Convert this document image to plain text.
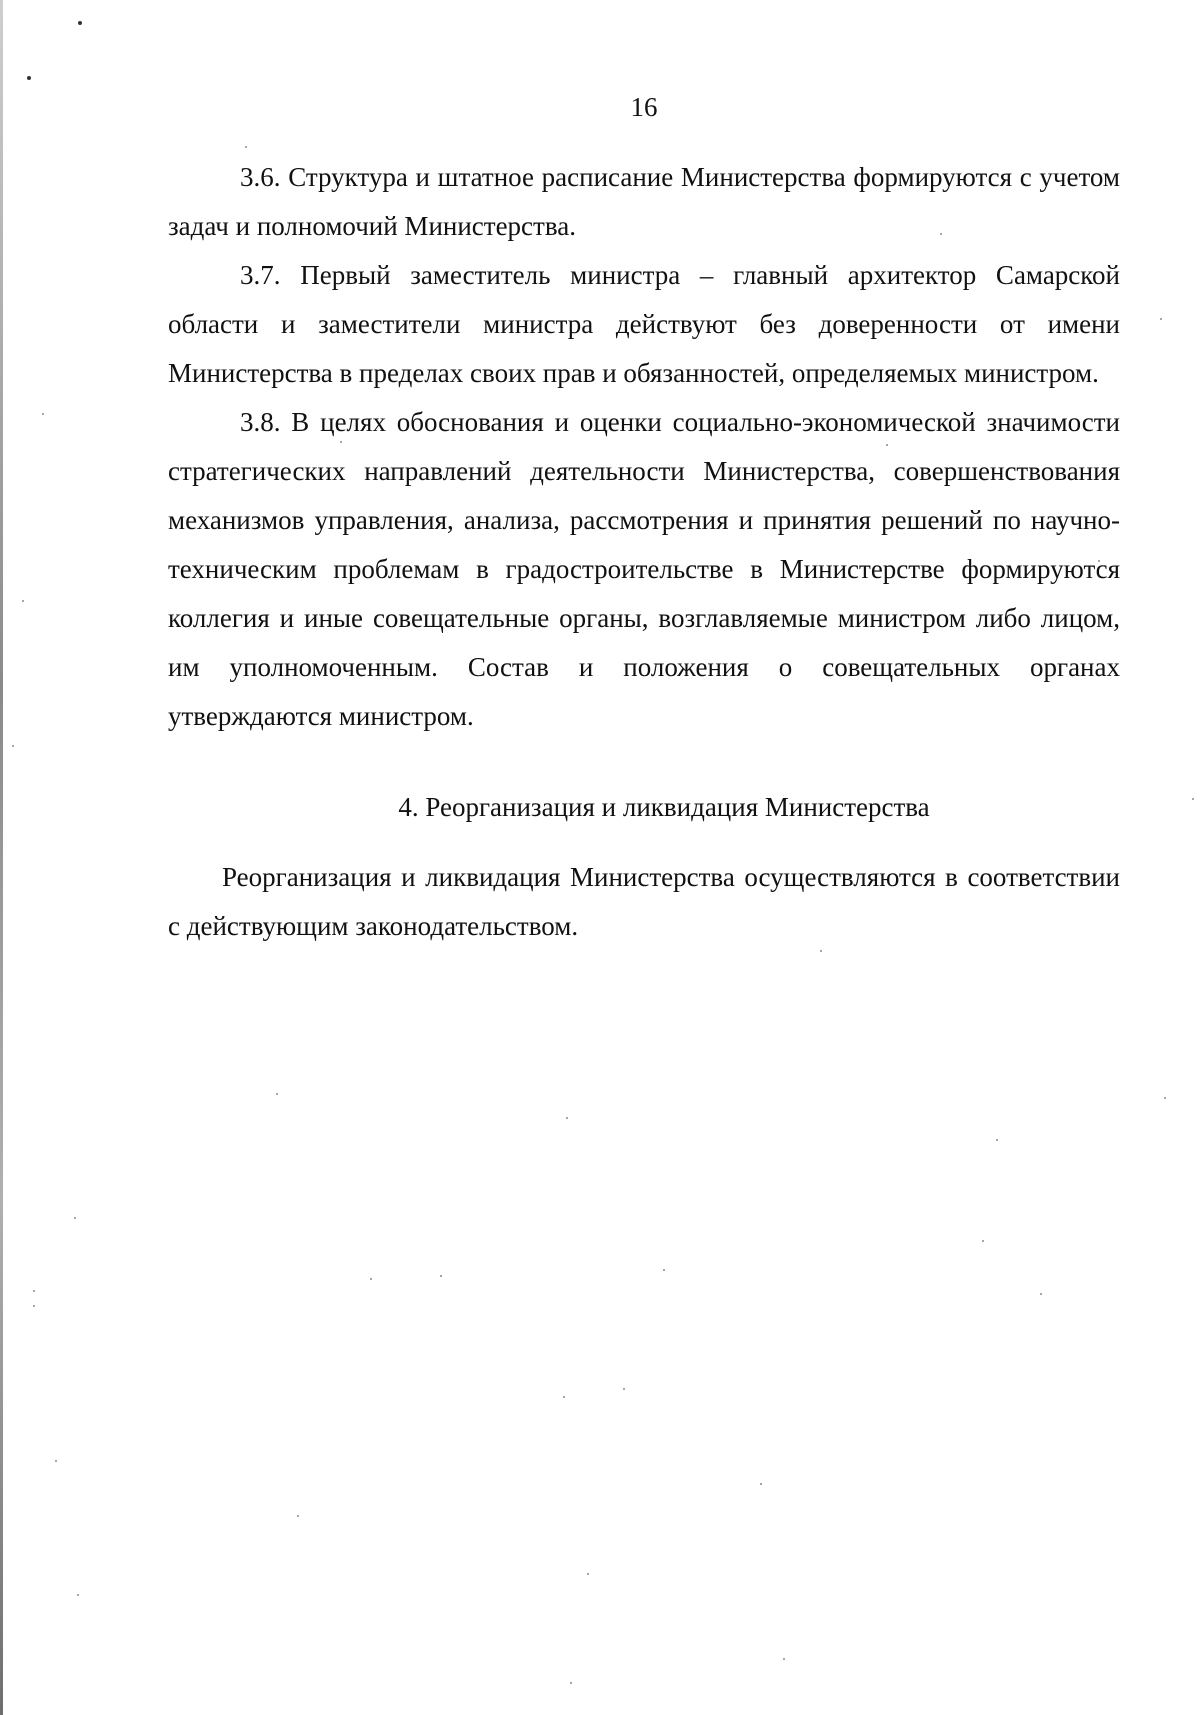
16

3.6. Структура и штатное расписание Министерства формируются с учетом задач и полномочий Министерства.

3.7. Первый заместитель министра – главный архитектор Самарской области и заместители министра действуют без доверенности от имени Министерства в пределах своих прав и обязанностей, определяемых министром.

3.8. В целях обоснования и оценки социально-экономической значимости стратегических направлений деятельности Министерства, совершенствования механизмов управления, анализа, рассмотрения и принятия решений по научно-техническим проблемам в градостроительстве в Министерстве формируются коллегия и иные совещательные органы, возглавляемые министром либо лицом, им уполномоченным. Состав и положения о совещательных органах утверждаются министром.

4. Реорганизация и ликвидация Министерства

Реорганизация и ликвидация Министерства осуществляются в соответствии с действующим законодательством.
